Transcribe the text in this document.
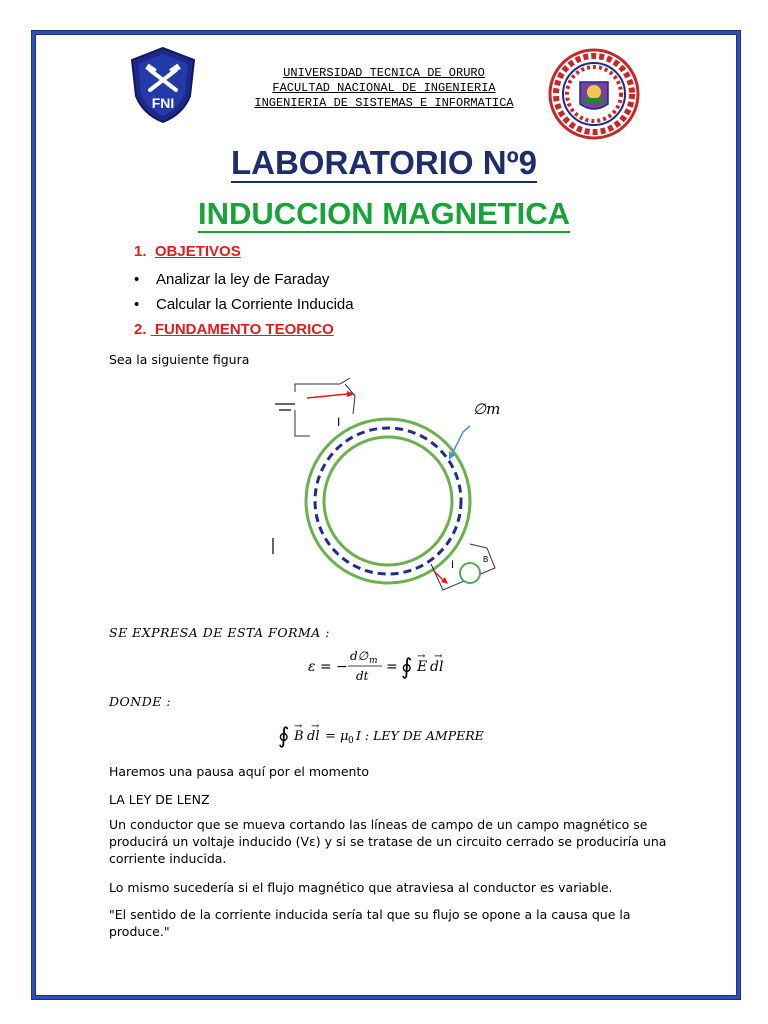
FNI
UNIVERSIDAD TECNICA DE ORURO
FACULTAD NACIONAL DE INGENIERIA
INGENIERIA DE SISTEMAS E INFORMATICA
LABORATORIO Nº9
INDUCCION MAGNETICA
1. OBJETIVOS
• Analizar la ley de Faraday
• Calcular la Corriente Inducida
2.  FUNDAMENTO TEORICO
Sea la siguiente figura
I
∅m
B
I
SE EXPRESA DE ESTA FORMA :
ε = −
d∅ m
dt
= ∮ E
→
dl
→
DONDE :
∮ B
→
dl
→
= μ 0 I : LEY DE AMPERE
Haremos una pausa aquí por el momento
LA LEY DE LENZ
Un conductor que se mueva cortando las líneas de campo de un campo magnético se producirá un voltaje inducido (Vε) y si se tratase de un circuito cerrado se produciría una corriente inducida.
Lo mismo sucedería si el flujo magnético que atraviesa al conductor es variable.
"El sentido de la corriente inducida sería tal que su flujo se opone a la causa que la produce."
